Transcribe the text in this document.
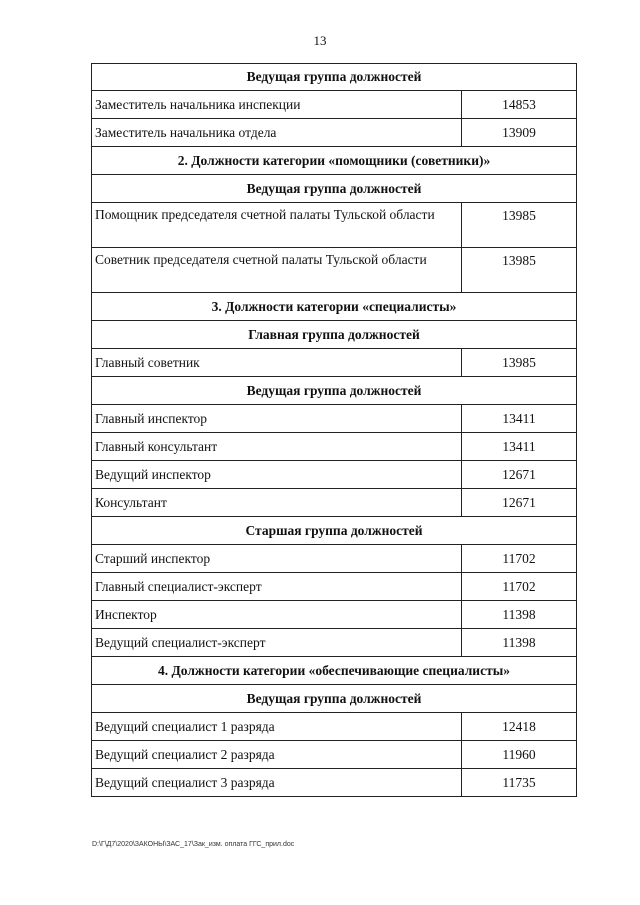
13
Ведущая группа должностей	
Заместитель начальника инспекции	14853
Заместитель начальника отдела	13909
2. Должности категории «помощники (советники)»	
Ведущая группа должностей	
Помощник председателя счетной палаты Тульской области	13985
Советник председателя счетной палаты Тульской области	13985
3. Должности категории «специалисты»	
Главная группа должностей	
Главный советник	13985
Ведущая группа должностей	
Главный инспектор	13411
Главный консультант	13411
Ведущий инспектор	12671
Консультант	12671
Старшая группа должностей	
Старший инспектор	11702
Главный специалист-эксперт	11702
Инспектор	11398
Ведущий специалист-эксперт	11398
4. Должности категории «обеспечивающие специалисты»	
Ведущая группа должностей	
Ведущий специалист 1 разряда	12418
Ведущий специалист 2 разряда	11960
Ведущий специалист 3 разряда	11735
D:\Г\Д7\2020\ЗАКОНЫ\ЗАС_17\Зак_изм. оплата ГГС_прил.doc
